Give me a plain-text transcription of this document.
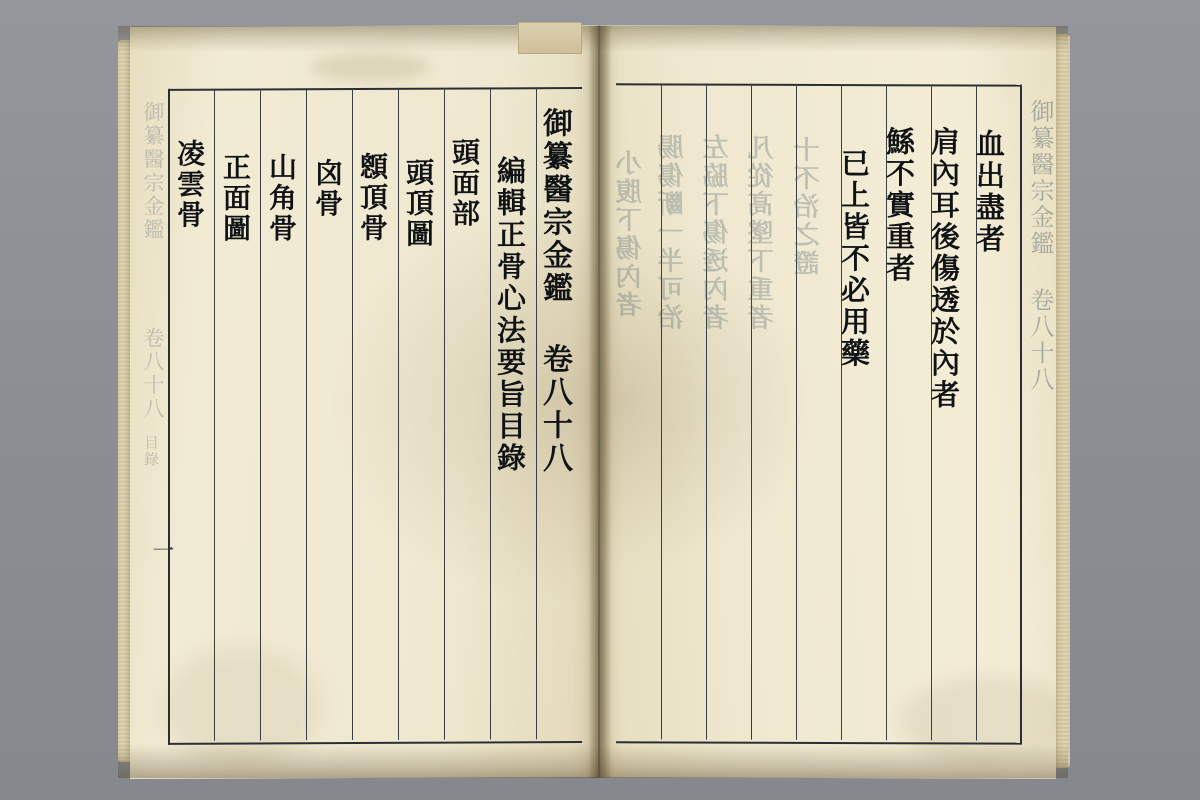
御纂醫宗金鑑
卷八十八
目錄	御纂醫宗金鑑 卷八十八
編輯正骨心法要旨目錄
頭面部
頭頂圖
顖頂骨
囟骨
山角骨
正面圖
凌雲骨
一
血出盡者
肩內耳後傷透於內者
鯀不實重者
已上皆不必用藥
十不治之證
凡從高墜下重者
左脇下傷透內者
腸傷斷一半可治
小腹下傷內者	御纂醫宗金鑑 卷八十八
